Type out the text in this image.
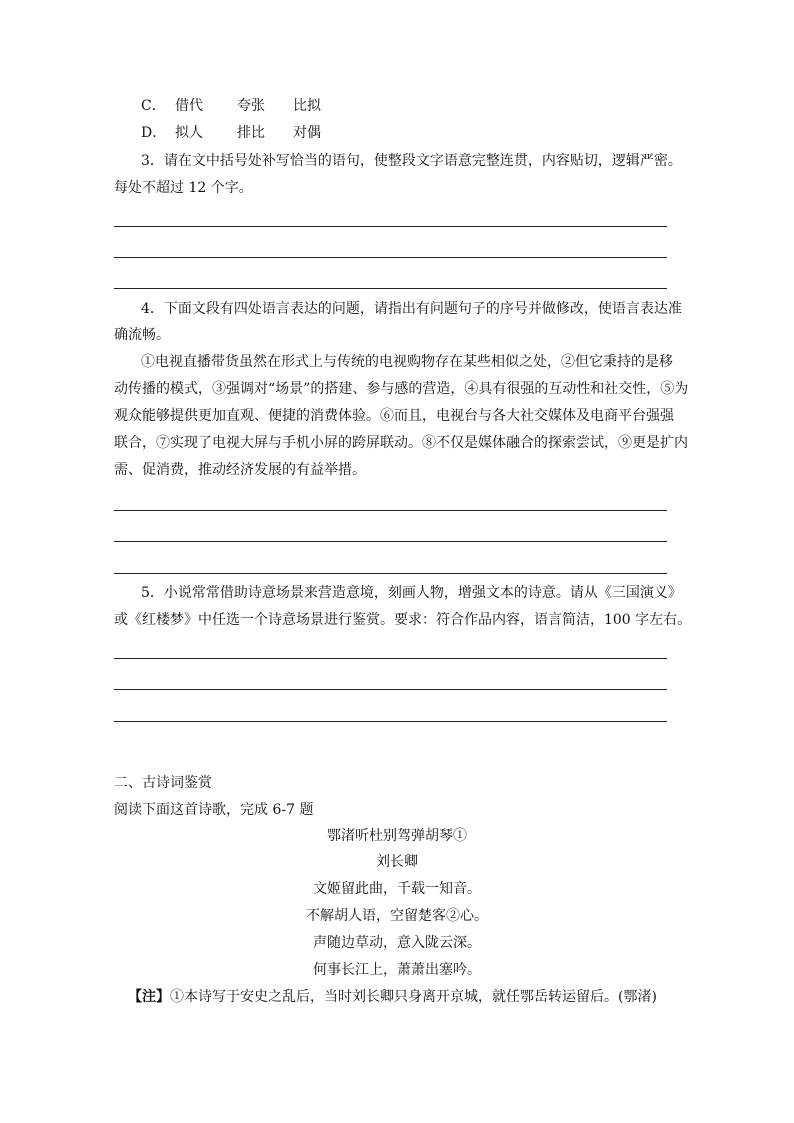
C． 借代 夸张 比拟
D． 拟人 排比 对偶
3．请在文中括号处补写恰当的语句，使整段文字语意完整连贯，内容贴切，逻辑严密。
每处不超过 12 个字。
4．下面文段有四处语言表达的问题，请指出有问题句子的序号并做修改，使语言表达准
确流畅。
①电视直播带货虽然在形式上与传统的电视购物存在某些相似之处，②但它秉持的是移
动传播的模式，③强调对“场景”的搭建、参与感的营造，④具有很强的互动性和社交性，⑤为
观众能够提供更加直观、便捷的消费体验。⑥而且，电视台与各大社交媒体及电商平台强强
联合，⑦实现了电视大屏与手机小屏的跨屏联动。⑧不仅是媒体融合的探索尝试，⑨更是扩内
需、促消费，推动经济发展的有益举措。
5．小说常常借助诗意场景来营造意境，刻画人物，增强文本的诗意。请从《三国演义》
或《红楼梦》中任选一个诗意场景进行鉴赏。要求：符合作品内容，语言简洁，100 字左右。
二、古诗词鉴赏
阅读下面这首诗歌，完成 6-7 题
鄂渚听杜别驾弹胡琴①
刘长卿
文姬留此曲，千载一知音。
不解胡人语，空留楚客②心。
声随边草动，意入陇云深。
何事长江上，萧萧出塞吟。
【注】①本诗写于安史之乱后，当时刘长卿只身离开京城，就任鄂岳转运留后。(鄂渚)
